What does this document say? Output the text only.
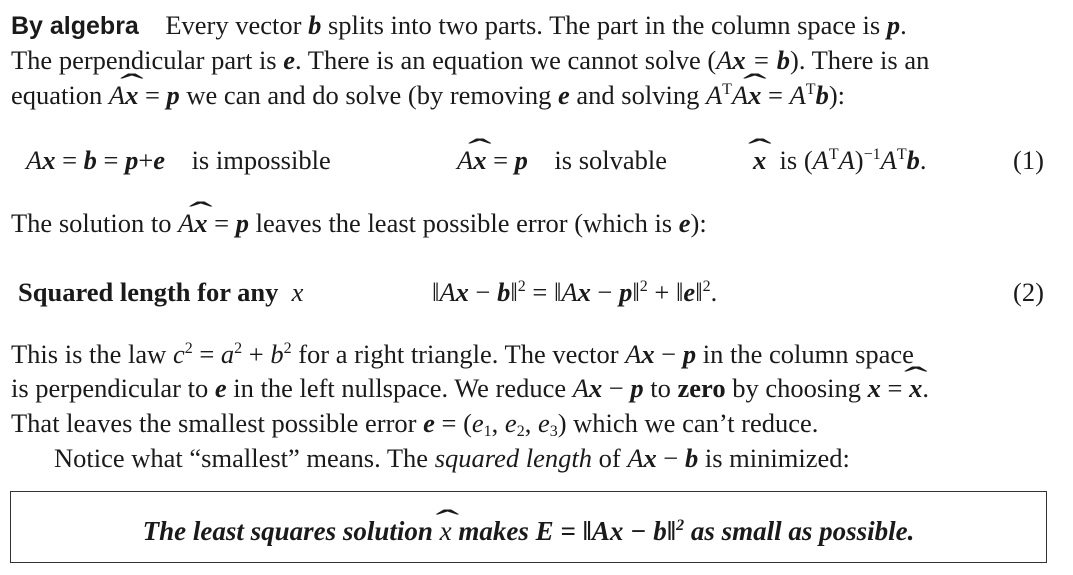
By algebra Every vector b splits into two parts. The part in the column space is p.
The perpendicular part is e. There is an equation we cannot solve (Ax = b). There is an
equation Aˆ x = p we can and do solve (by removing e and solving $A^TAˆ$ $x = A^Tb$):
Ax = b = p+e is impossible	Aˆ x = p is solvable	ˆ x is $(A^TA)^{-1}A^Tb$.	(1)
The solution to Aˆ x = p leaves the least possible error (which is e):
Squared length for any x	‖Ax − b‖$^2$ = ‖Ax − p‖$^2$ + ‖e‖$^2$.	(2)
This is the law $c^2 = a^2 + b^2$ for a right triangle. The vector Ax − p in the column space
is perpendicular to e in the left nullspace. We reduce Ax − p to zero by choosing x = ˆ x.
That leaves the smallest possible error $e = (e_1$, $e_2$, $e_3$) which we can’t reduce.
Notice what “smallest” means. The squared length of Ax − b is minimized:
The least squares solution ˆ x makes E = ‖Ax − b‖$^2$ as small as possible.
